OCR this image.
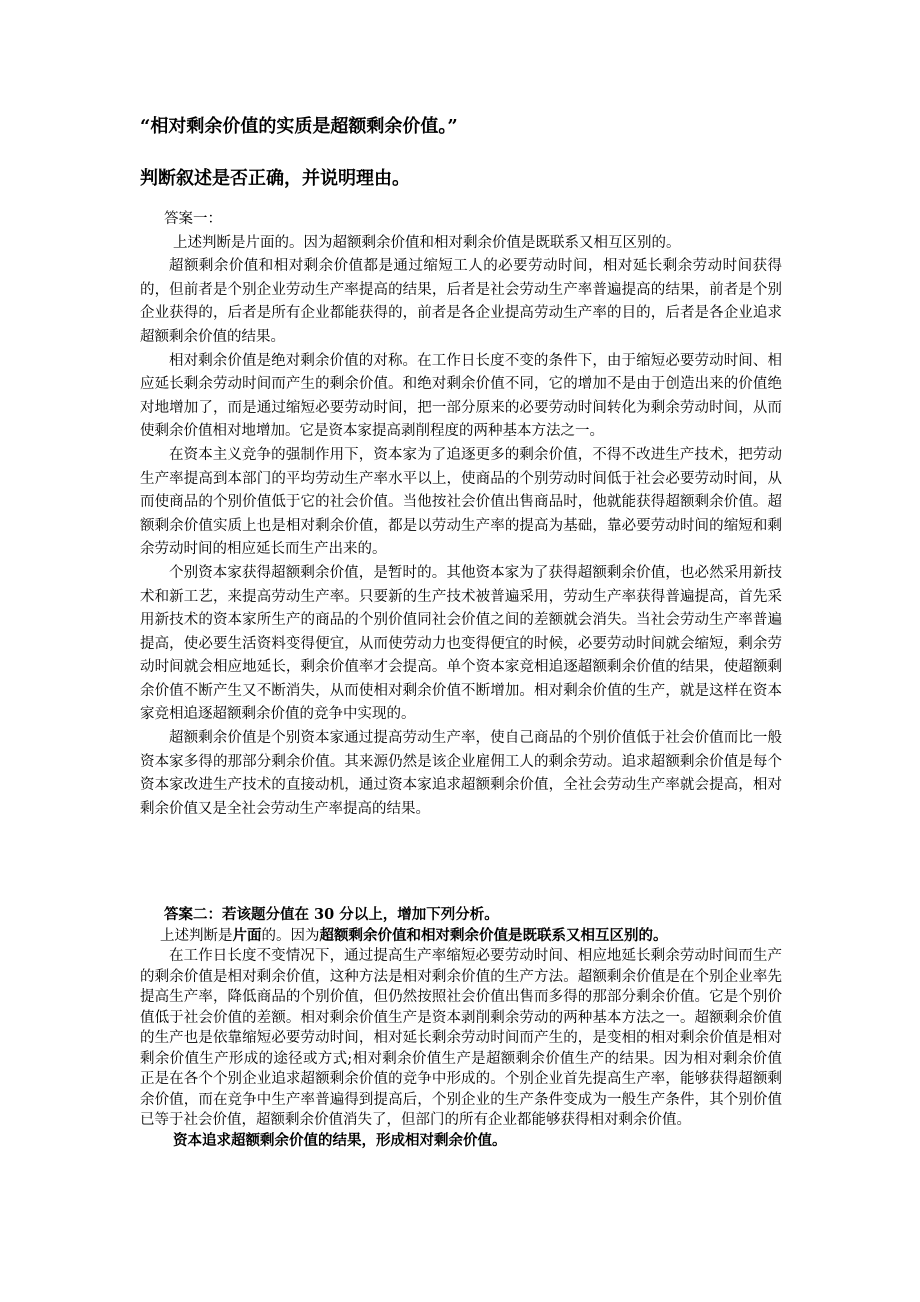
“相对剩余价值的实质是超额剩余价值。”
判断叙述是否正确，并说明理由。
答案一：
上述判断是片面的。因为超额剩余价值和相对剩余价值是既联系又相互区别的。

超额剩余价值和相对剩余价值都是通过缩短工人的必要劳动时间，相对延长剩余劳动时间获得的，但前者是个别企业劳动生产率提高的结果，后者是社会劳动生产率普遍提高的结果，前者是个别企业获得的，后者是所有企业都能获得的，前者是各企业提高劳动生产率的目的，后者是各企业追求超额剩余价值的结果。

相对剩余价值是绝对剩余价值的对称。在工作日长度不变的条件下，由于缩短必要劳动时间、相应延长剩余劳动时间而产生的剩余价值。和绝对剩余价值不同，它的增加不是由于创造出来的价值绝对地增加了，而是通过缩短必要劳动时间，把一部分原来的必要劳动时间转化为剩余劳动时间，从而使剩余价值相对地增加。它是资本家提高剥削程度的两种基本方法之一。

在资本主义竞争的强制作用下，资本家为了追逐更多的剩余价值，不得不改进生产技术，把劳动生产率提高到本部门的平均劳动生产率水平以上，使商品的个别劳动时间低于社会必要劳动时间，从而使商品的个别价值低于它的社会价值。当他按社会价值出售商品时，他就能获得超额剩余价值。超额剩余价值实质上也是相对剩余价值，都是以劳动生产率的提高为基础，靠必要劳动时间的缩短和剩余劳动时间的相应延长而生产出来的。

个别资本家获得超额剩余价值，是暂时的。其他资本家为了获得超额剩余价值，也必然采用新技术和新工艺，来提高劳动生产率。只要新的生产技术被普遍采用，劳动生产率获得普遍提高，首先采用新技术的资本家所生产的商品的个别价值同社会价值之间的差额就会消失。当社会劳动生产率普遍提高，使必要生活资料变得便宜，从而使劳动力也变得便宜的时候，必要劳动时间就会缩短，剩余劳动时间就会相应地延长，剩余价值率才会提高。单个资本家竞相追逐超额剩余价值的结果，使超额剩余价值不断产生又不断消失，从而使相对剩余价值不断增加。相对剩余价值的生产，就是这样在资本家竞相追逐超额剩余价值的竞争中实现的。

超额剩余价值是个别资本家通过提高劳动生产率，使自己商品的个别价值低于社会价值而比一般资本家多得的那部分剩余价值。其来源仍然是该企业雇佣工人的剩余劳动。追求超额剩余价值是每个资本家改进生产技术的直接动机，通过资本家追求超额剩余价值，全社会劳动生产率就会提高，相对剩余价值又是全社会劳动生产率提高的结果。

答案二：若该题分值在 30 分以上，增加下列分析。
上述判断是片面的。因为超额剩余价值和相对剩余价值是既联系又相互区别的。

在工作日长度不变情况下，通过提高生产率缩短必要劳动时间、相应地延长剩余劳动时间而生产的剩余价值是相对剩余价值，这种方法是相对剩余价值的生产方法。超额剩余价值是在个别企业率先提高生产率，降低商品的个别价值，但仍然按照社会价值出售而多得的那部分剩余价值。它是个别价值低于社会价值的差额。相对剩余价值生产是资本剥削剩余劳动的两种基本方法之一。超额剩余价值的生产也是依靠缩短必要劳动时间，相对延长剩余劳动时间而产生的，是变相的相对剩余价值是相对剩余价值生产形成的途径或方式;相对剩余价值生产是超额剩余价值生产的结果。因为相对剩余价值正是在各个个别企业追求超额剩余价值的竞争中形成的。个别企业首先提高生产率，能够获得超额剩余价值，而在竞争中生产率普遍得到提高后，个别企业的生产条件变成为一般生产条件，其个别价值已等于社会价值，超额剩余价值消失了，但部门的所有企业都能够获得相对剩余价值。

资本追求超额剩余价值的结果，形成相对剩余价值。
